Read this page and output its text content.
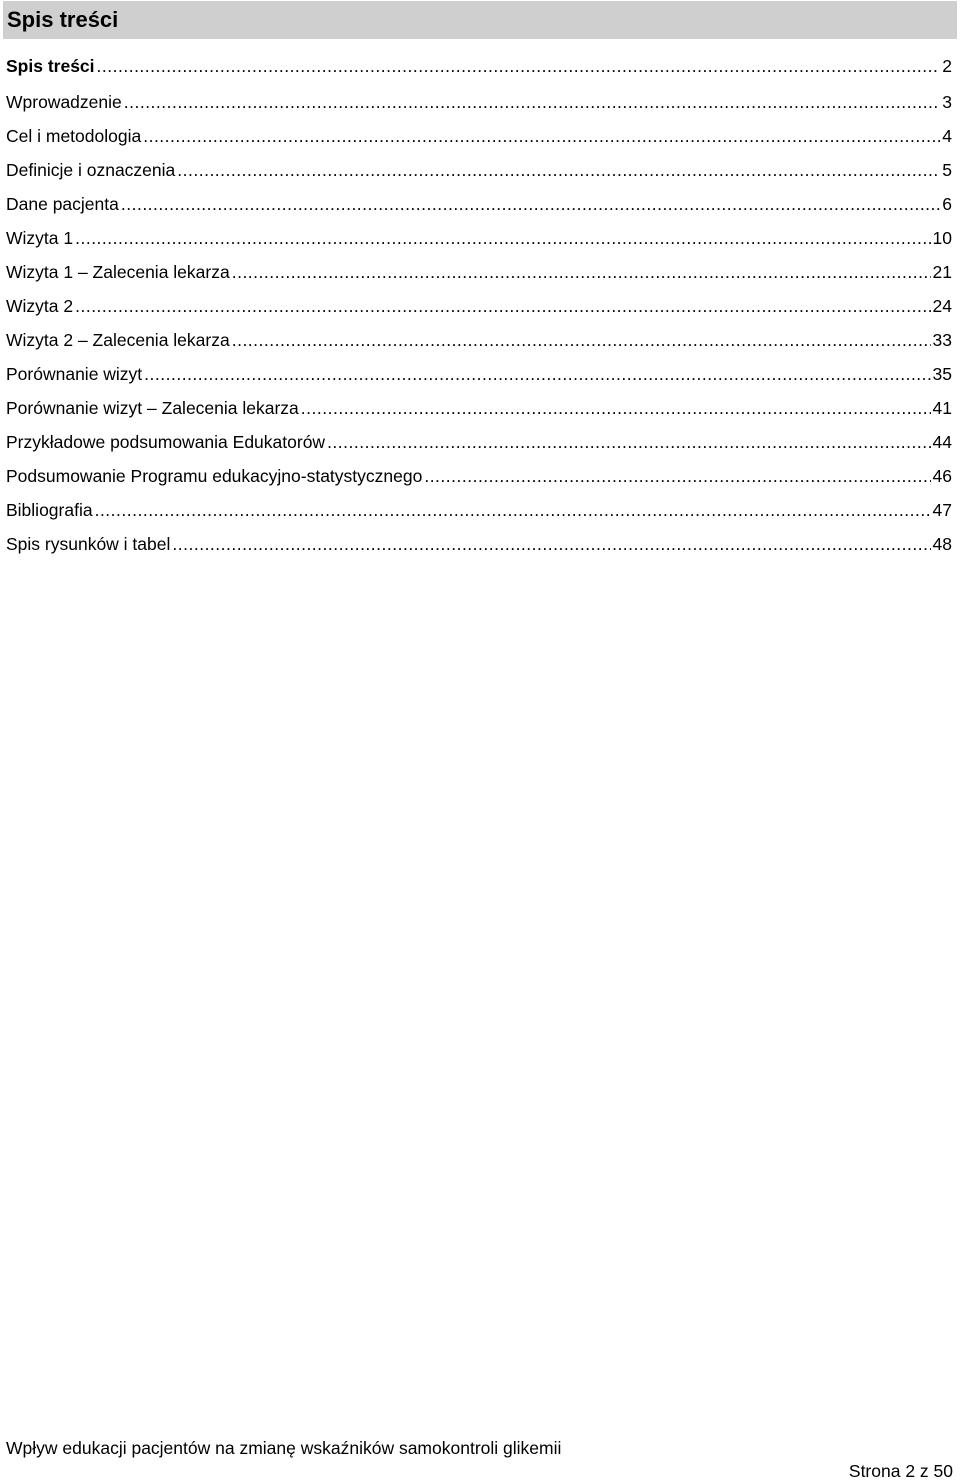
Spis treści
Spis treści .....	2
Wprowadzenie .....	3
Cel i metodologia .....	4
Definicje i oznaczenia .....	5
Dane pacjenta .....	6
Wizyta 1 .....	10
Wizyta 1 – Zalecenia lekarza .....	21
Wizyta 2 .....	24
Wizyta 2 – Zalecenia lekarza .....	33
Porównanie wizyt .....	35
Porównanie wizyt – Zalecenia lekarza .....	41
Przykładowe podsumowania Edukatorów .....	44
Podsumowanie Programu edukacyjno-statystycznego .....	46
Bibliografia .....	47
Spis rysunków i tabel .....	48
Wpływ edukacji pacjentów na zmianę wskaźników samokontroli glikemii
Strona 2 z 50
